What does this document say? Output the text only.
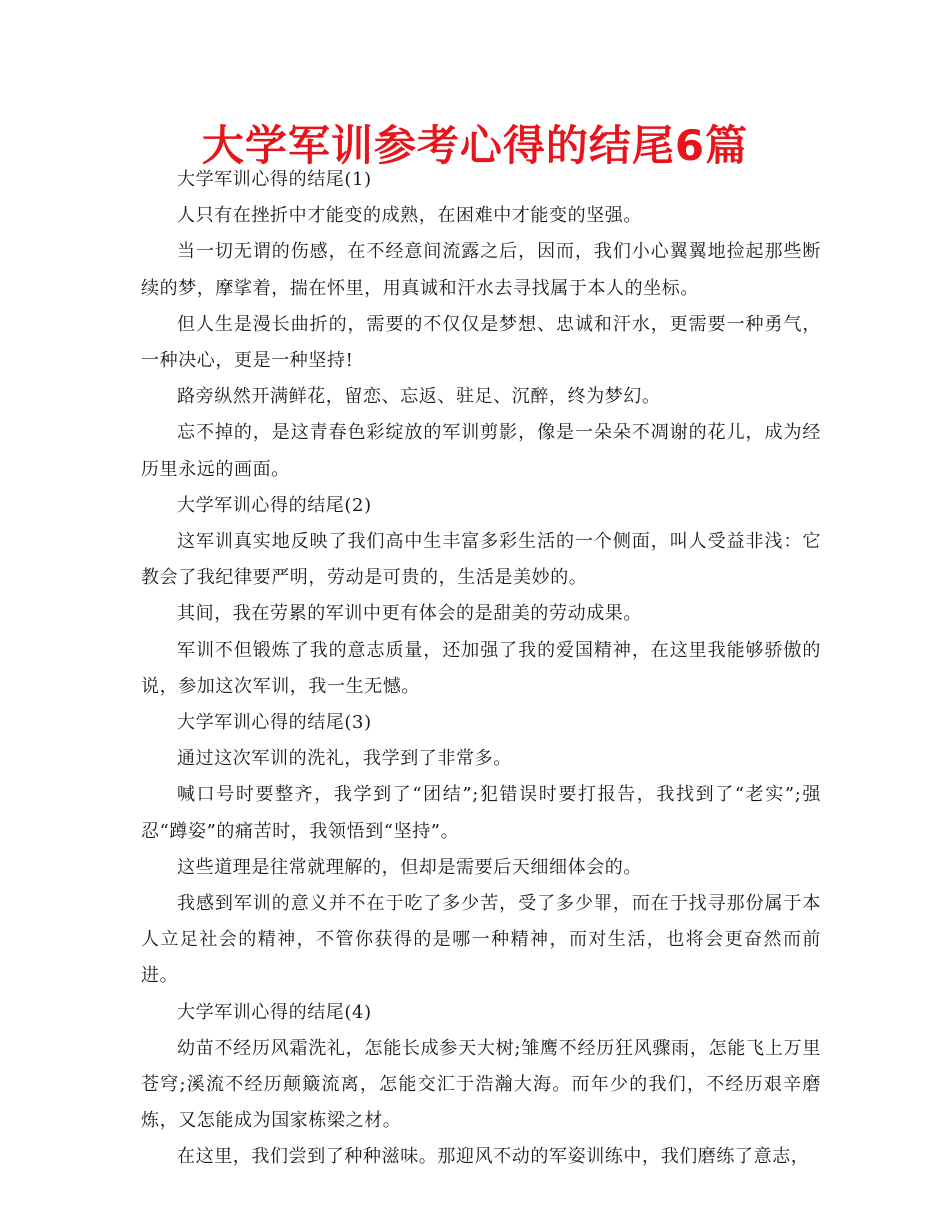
大学军训参考心得的结尾6篇

大学军训心得的结尾(1)

人只有在挫折中才能变的成熟，在困难中才能变的坚强。

当一切无谓的伤感，在不经意间流露之后，因而，我们小心翼翼地捡起那些断续的梦，摩挲着，揣在怀里，用真诚和汗水去寻找属于本人的坐标。

但人生是漫长曲折的，需要的不仅仅是梦想、忠诚和汗水，更需要一种勇气，一种决心，更是一种坚持!

路旁纵然开满鲜花，留恋、忘返、驻足、沉醉，终为梦幻。

忘不掉的，是这青春色彩绽放的军训剪影，像是一朵朵不凋谢的花儿，成为经历里永远的画面。

大学军训心得的结尾(2)

这军训真实地反映了我们高中生丰富多彩生活的一个侧面，叫人受益非浅：它教会了我纪律要严明，劳动是可贵的，生活是美妙的。

其间，我在劳累的军训中更有体会的是甜美的劳动成果。

军训不但锻炼了我的意志质量，还加强了我的爱国精神，在这里我能够骄傲的说，参加这次军训，我一生无憾。

大学军训心得的结尾(3)

通过这次军训的洗礼，我学到了非常多。

喊口号时要整齐，我学到了“团结”;犯错误时要打报告，我找到了“老实”;强忍“蹲姿”的痛苦时，我领悟到“坚持”。

这些道理是往常就理解的，但却是需要后天细细体会的。

我感到军训的意义并不在于吃了多少苦，受了多少罪，而在于找寻那份属于本人立足社会的精神，不管你获得的是哪一种精神，而对生活，也将会更奋然而前进。

大学军训心得的结尾(4)

幼苗不经历风霜洗礼，怎能长成参天大树;雏鹰不经历狂风骤雨，怎能飞上万里苍穹;溪流不经历颠簸流离，怎能交汇于浩瀚大海。而年少的我们，不经历艰辛磨炼，又怎能成为国家栋梁之材。

在这里，我们尝到了种种滋味。那迎风不动的军姿训练中，我们磨练了意志，
